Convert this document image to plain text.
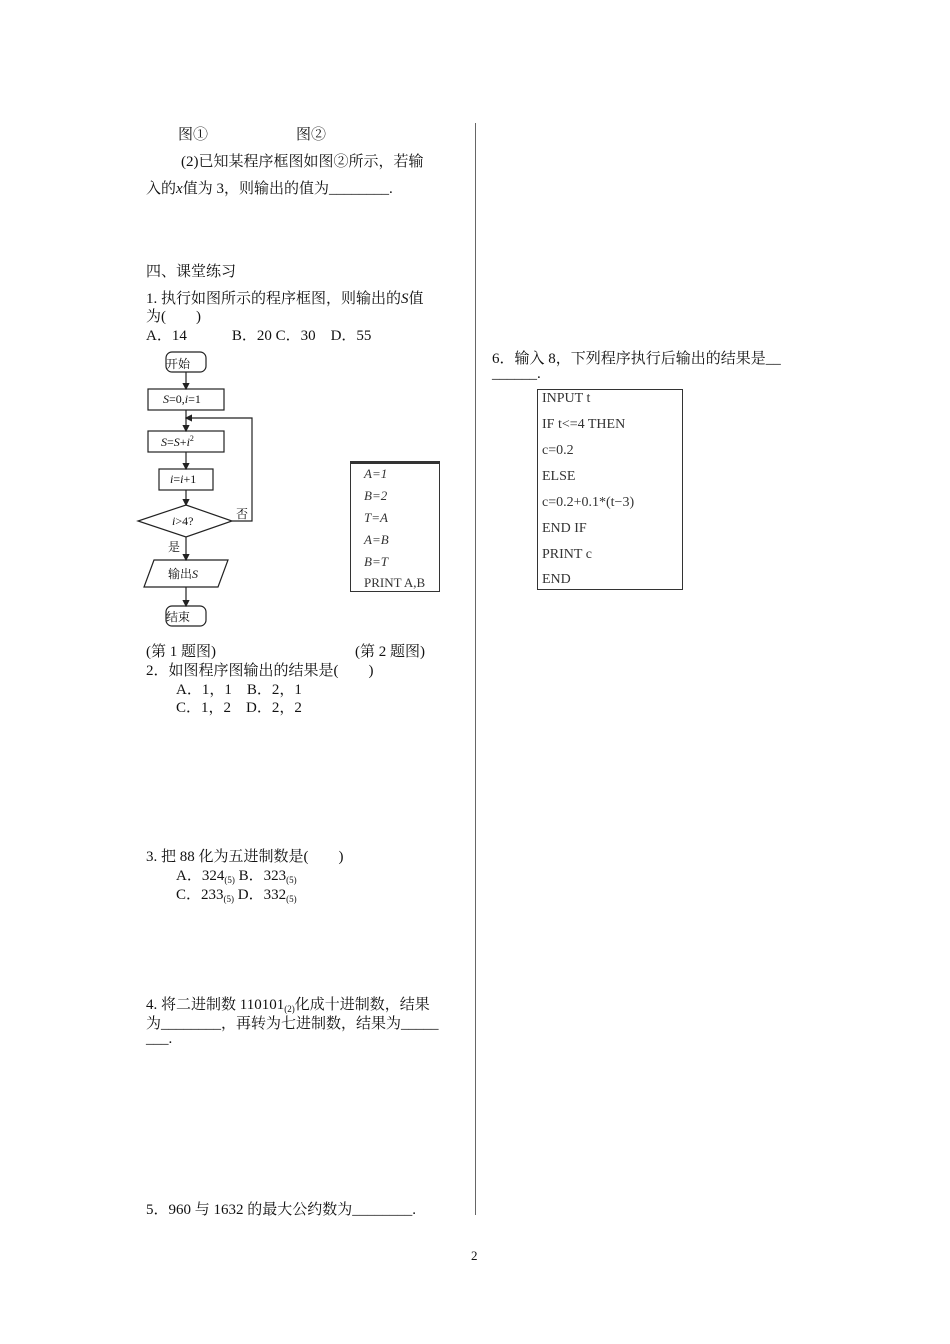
图①	图②
(2)已知某程序框图如图②所示，若输
入的x值为 3，则输出的值为________.
四、课堂练习
1. 执行如图所示的程序框图，则输出的S值
为(　　)
A．14　　　B．20 C．30　D．55
开始
S=0,i=1
$S=S+i^2$
i=i+1
i>4?	否
是
输出S
结束
A=1
B=2
T=A
A=B
B=T
PRINT A,B
(第 1 题图)	(第 2 题图)
2．如图程序图输出的结果是(　　)
A．1，1　B．2，1
C．1，2　D．2，2
3. 把 88 化为五进制数是(　　)
A．$324_{(5)}$ B．$323_{(5)}$
C．$233_{(5)}$ D．$332_{(5)}$
4. 将二进制数 $110101_{(2)}$化成十进制数，结果
为________，再转为七进制数，结果为_____
___.
5．960 与 1632 的最大公约数为________.
6．输入 8，下列程序执行后输出的结果是__
______.
INPUT t
IF t<=4 THEN
c=0.2
ELSE
c=0.2+0.1*(t−3)
END IF
PRINT c
END
2
